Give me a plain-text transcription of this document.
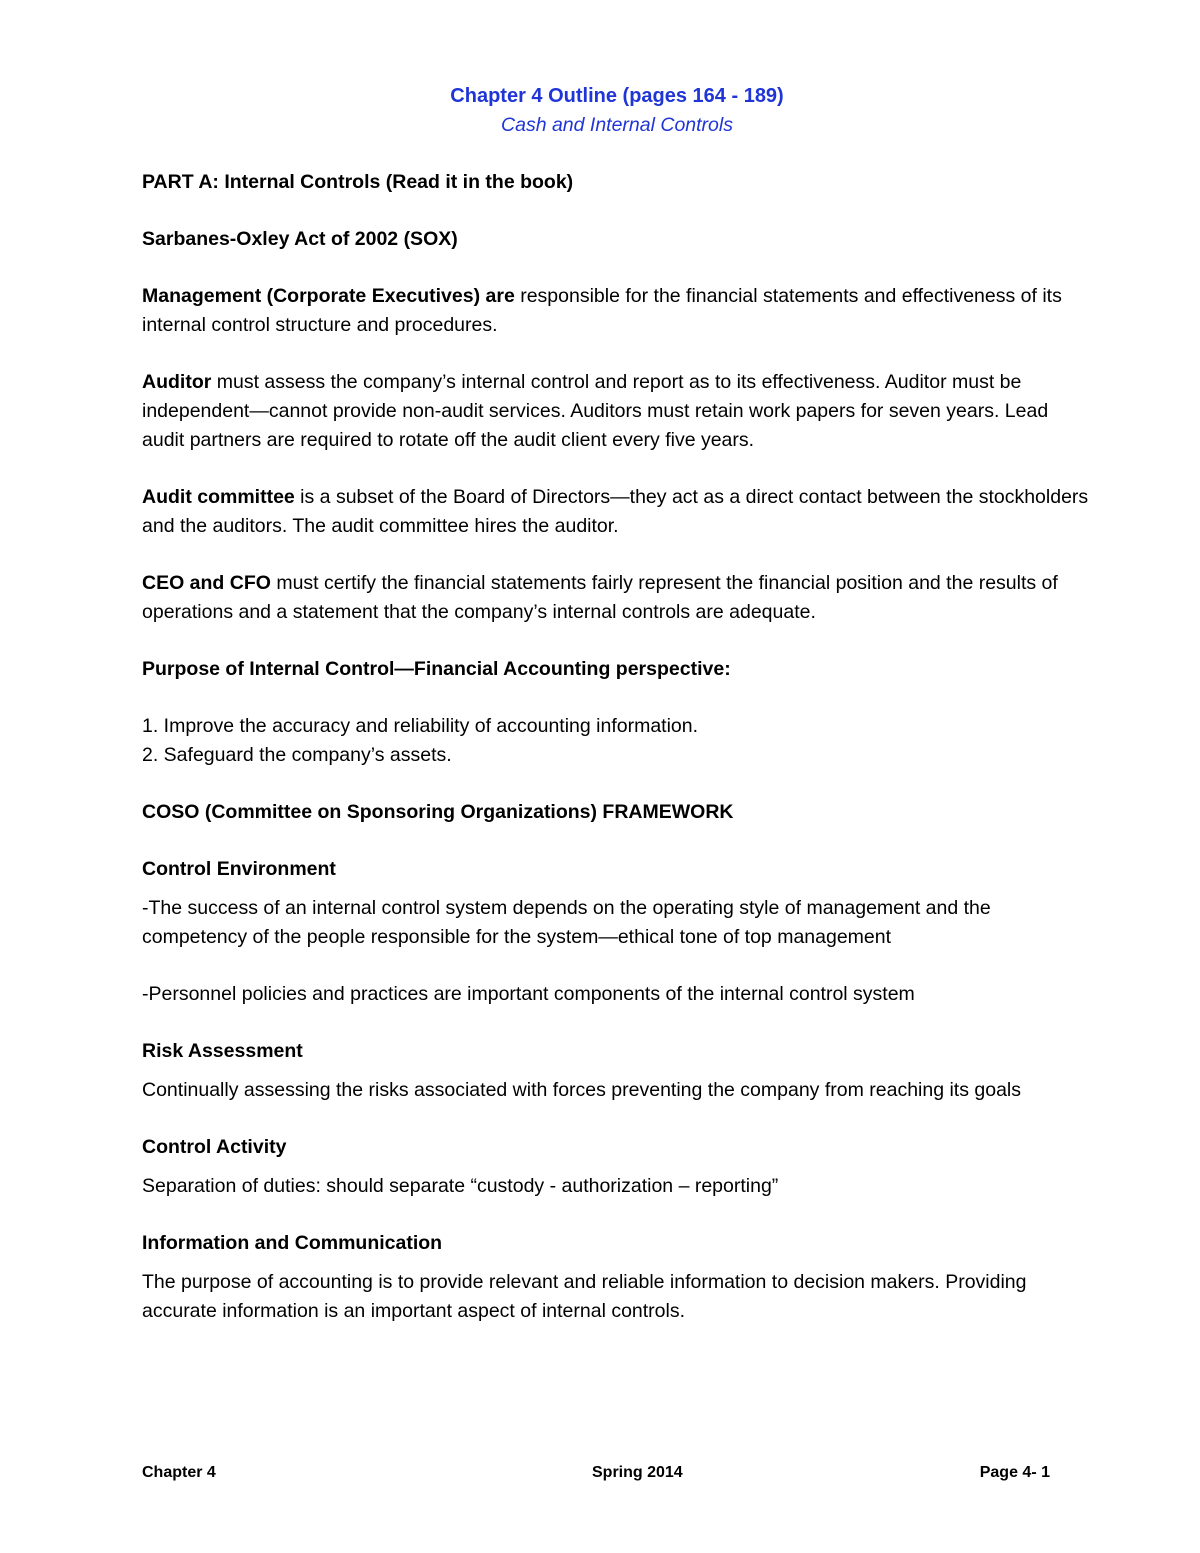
Chapter 4 Outline (pages 164 - 189)

Cash and Internal Controls

PART A: Internal Controls (Read it in the book)

Sarbanes-Oxley Act of 2002 (SOX)

Management (Corporate Executives) are responsible for the financial statements and effectiveness of its internal control structure and procedures.

Auditor must assess the company’s internal control and report as to its effectiveness. Auditor must be independent—cannot provide non-audit services. Auditors must retain work papers for seven years. Lead audit partners are required to rotate off the audit client every five years.

Audit committee is a subset of the Board of Directors—they act as a direct contact between the stockholders and the auditors. The audit committee hires the auditor.

CEO and CFO must certify the financial statements fairly represent the financial position and the results of operations and a statement that the company’s internal controls are adequate.

Purpose of Internal Control—Financial Accounting perspective:

1. Improve the accuracy and reliability of accounting information.

2. Safeguard the company’s assets.

COSO (Committee on Sponsoring Organizations) FRAMEWORK

Control Environment

-The success of an internal control system depends on the operating style of management and the competency of the people responsible for the system—ethical tone of top management

-Personnel policies and practices are important components of the internal control system

Risk Assessment

Continually assessing the risks associated with forces preventing the company from reaching its goals

Control Activity

Separation of duties: should separate “custody - authorization – reporting”

Information and Communication

The purpose of accounting is to provide relevant and reliable information to decision makers. Providing accurate information is an important aspect of internal controls.

Chapter 4	Spring 2014	Page 4- 1
